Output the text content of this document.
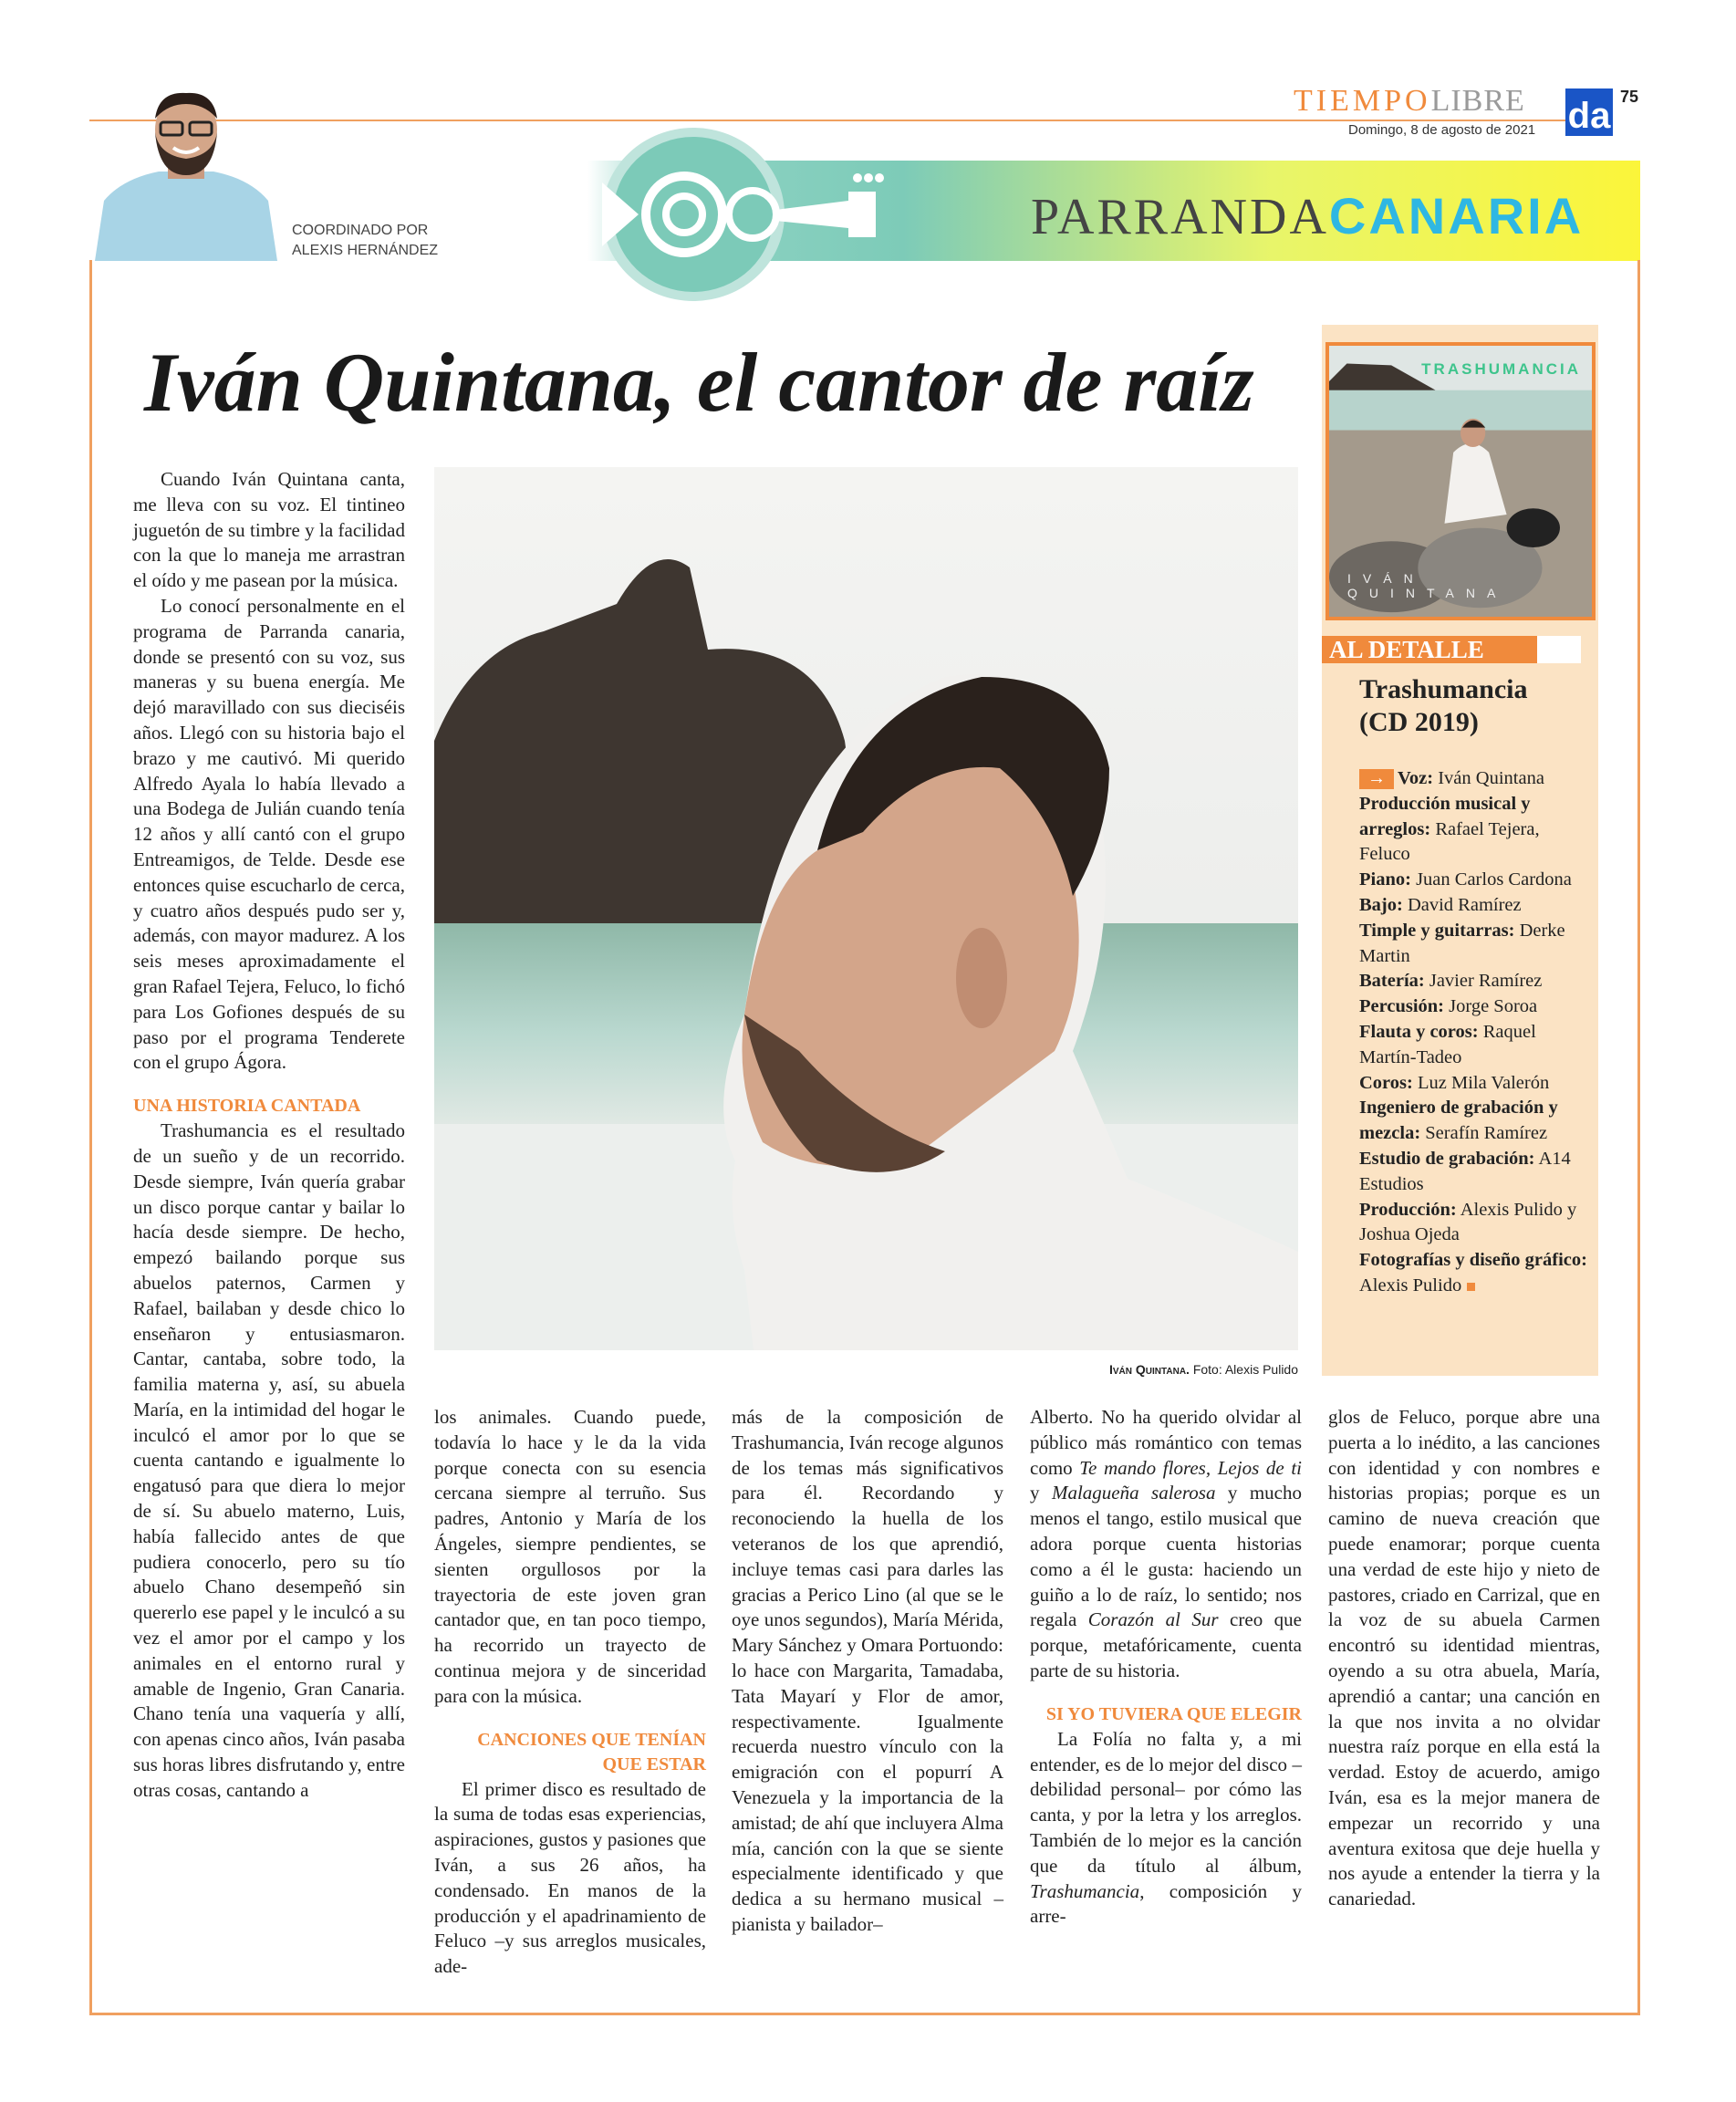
TIEMPOLIBRE da 75
Domingo, 8 de agosto de 2021
COORDINADO POR
ALEXIS HERNÁNDEZ
PARRANDACANARIA
Iván Quintana, el cantor de raíz

Cuando Iván Quintana canta, me lleva con su voz. El tintineo juguetón de su timbre y la facilidad con la que lo maneja me arrastran el oído y me pasean por la música.

Lo conocí personalmente en el programa de Parranda canaria, donde se presentó con su voz, sus maneras y su buena energía. Me dejó maravillado con sus dieciséis años. Llegó con su historia bajo el brazo y me cautivó. Mi querido Alfredo Ayala lo había llevado a una Bodega de Julián cuando tenía 12 años y allí cantó con el grupo Entreamigos, de Telde. Desde ese entonces quise escucharlo de cerca, y cuatro años después pudo ser y, además, con mayor madurez. A los seis meses aproximadamente el gran Rafael Tejera, Feluco, lo fichó para Los Gofiones después de su paso por el programa Tenderete con el grupo Ágora.

UNA HISTORIA CANTADA

Trashumancia es el resultado de un sueño y de un recorrido. Desde siempre, Iván quería grabar un disco porque cantar y bailar lo hacía desde siempre. De hecho, empezó bailando porque sus abuelos paternos, Carmen y Rafael, bailaban y desde chico lo enseñaron y entusiasmaron. Cantar, cantaba, sobre todo, la familia materna y, así, su abuela María, en la intimidad del hogar le inculcó el amor por lo que se cuenta cantando e igualmente lo engatusó para que diera lo mejor de sí. Su abuelo materno, Luis, había fallecido antes de que pudiera conocerlo, pero su tío abuelo Chano desempeñó sin quererlo ese papel y le inculcó a su vez el amor por el campo y los animales en el entorno rural y amable de Ingenio, Gran Canaria. Chano tenía una vaquería y allí, con apenas cinco años, Iván pasaba sus horas libres disfrutando y, entre otras cosas, cantando a

Iván Quintana. Foto: Alexis Pulido

los animales. Cuando puede, todavía lo hace y le da la vida porque conecta con su esencia cercana siempre al terruño. Sus padres, Antonio y María de los Ángeles, siempre pendientes, se sienten orgullosos por la trayectoria de este joven gran cantador que, en tan poco tiempo, ha recorrido un trayecto de continua mejora y de sinceridad para con la música.

CANCIONES QUE TENÍAN QUE ESTAR

El primer disco es resultado de la suma de todas esas experiencias, aspiraciones, gustos y pasiones que Iván, a sus 26 años, ha condensado. En manos de la producción y el apadrinamiento de Feluco –y sus arreglos musicales, ade-

más de la composición de Trashumancia, Iván recoge algunos de los temas más significativos para él. Recordando y reconociendo la huella de los veteranos de los que aprendió, incluye temas casi para darles las gracias a Perico Lino (al que se le oye unos segundos), María Mérida, Mary Sánchez y Omara Portuondo: lo hace con Margarita, Tamadaba, Tata Mayarí y Flor de amor, respectivamente. Igualmente recuerda nuestro vínculo con la emigración con el popurrí A Venezuela y la importancia de la amistad; de ahí que incluyera Alma mía, canción con la que se siente especialmente identificado y que dedica a su hermano musical –pianista y bailador–

Alberto. No ha querido olvidar al público más romántico con temas como Te mando flores, Lejos de ti y Malagueña salerosa y mucho menos el tango, estilo musical que adora porque cuenta historias como a él le gusta: haciendo un guiño a lo de raíz, lo sentido; nos regala Corazón al Sur creo que porque, metafóricamente, cuenta parte de su historia.

SI YO TUVIERA QUE ELEGIR

La Folía no falta y, a mi entender, es de lo mejor del disco –debilidad personal– por cómo las canta, y por la letra y los arreglos. También de lo mejor es la canción que da título al álbum, Trashumancia, composición y arre-

glos de Feluco, porque abre una puerta a lo inédito, a las canciones con identidad y con nombres e historias propias; porque es un camino de nueva creación que puede enamorar; porque cuenta una verdad de este hijo y nieto de pastores, criado en Carrizal, que en la voz de su abuela Carmen encontró su identidad mientras, oyendo a su otra abuela, María, aprendió a cantar; una canción en la que nos invita a no olvidar nuestra raíz porque en ella está la verdad. Estoy de acuerdo, amigo Iván, esa es la mejor manera de empezar un recorrido y una aventura exitosa que deje huella y nos ayude a entender la tierra y la canariedad.

TRASHUMANCIA
IVÁN QUINTANA
AL DETALLE
Trashumancia
(CD 2019)
→ Voz: Iván Quintana
Producción musical y arreglos: Rafael Tejera, Feluco
Piano: Juan Carlos Cardona
Bajo: David Ramírez
Timple y guitarras: Derke Martin
Batería: Javier Ramírez
Percusión: Jorge Soroa
Flauta y coros: Raquel Martín-Tadeo
Coros: Luz Mila Valerón
Ingeniero de grabación y mezcla: Serafín Ramírez
Estudio de grabación: A14 Estudios
Producción: Alexis Pulido y Joshua Ojeda
Fotografías y diseño gráfico: Alexis Pulido
